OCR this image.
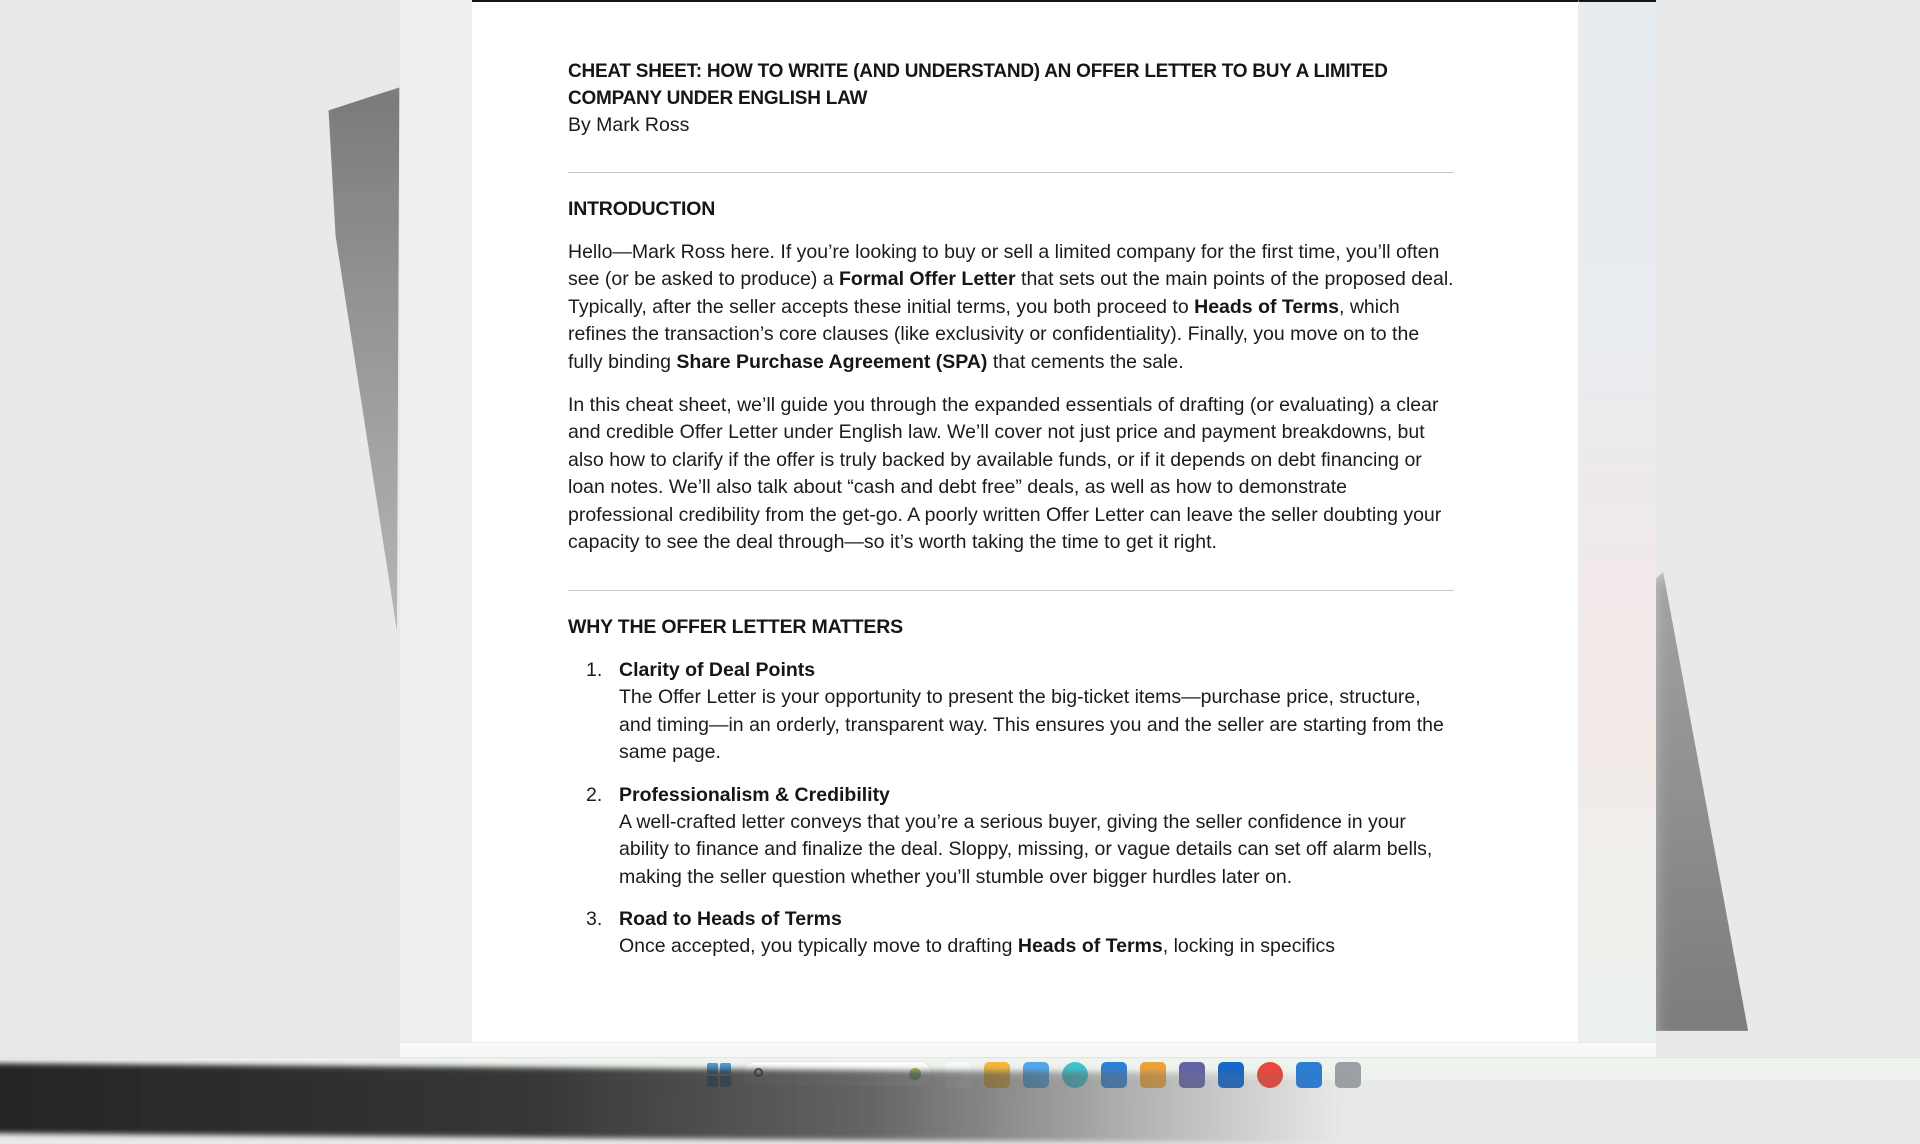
CHEAT SHEET: HOW TO WRITE (AND UNDERSTAND) AN OFFER LETTER TO BUY A LIMITED COMPANY UNDER ENGLISH LAW

By Mark Ross

INTRODUCTION

Hello—Mark Ross here. If you’re looking to buy or sell a limited company for the first time, you’ll often see (or be asked to produce) a Formal Offer Letter that sets out the main points of the proposed deal. Typically, after the seller accepts these initial terms, you both proceed to Heads of Terms, which refines the transaction’s core clauses (like exclusivity or confidentiality). Finally, you move on to the fully binding Share Purchase Agreement (SPA) that cements the sale.

In this cheat sheet, we’ll guide you through the expanded essentials of drafting (or evaluating) a clear and credible Offer Letter under English law. We’ll cover not just price and payment breakdowns, but also how to clarify if the offer is truly backed by available funds, or if it depends on debt financing or loan notes. We’ll also talk about “cash and debt free” deals, as well as how to demonstrate professional credibility from the get-go. A poorly written Offer Letter can leave the seller doubting your capacity to see the deal through—so it’s worth taking the time to get it right.

WHY THE OFFER LETTER MATTERS
1. Clarity of Deal Points

The Offer Letter is your opportunity to present the big-ticket items—purchase price, structure, and timing—in an orderly, transparent way. This ensures you and the seller are starting from the same page.

2. Professionalism & Credibility

A well-crafted letter conveys that you’re a serious buyer, giving the seller confidence in your ability to finance and finalize the deal. Sloppy, missing, or vague details can set off alarm bells, making the seller question whether you’ll stumble over bigger hurdles later on.

3. Road to Heads of Terms

Once accepted, you typically move to drafting Heads of Terms, locking in specifics
